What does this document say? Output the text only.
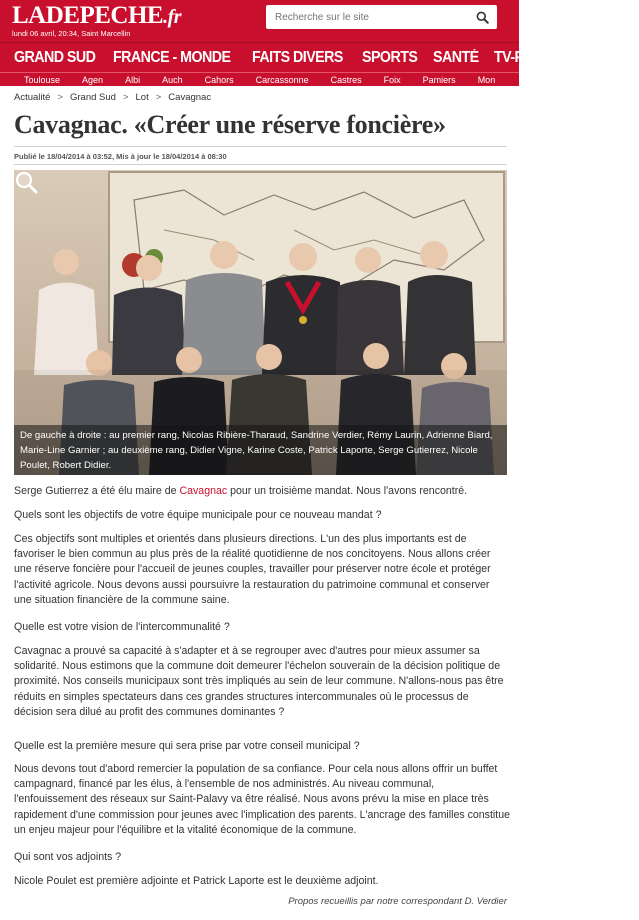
LADEPECHE.fr
lundi 06 avril, 20:34, Saint Marcellin
Recherche sur le site
GRAND SUD FRANCE - MONDE FAITS DIVERS SPORTS SANTÉ TV-PEOPLE LOISIRS
Toulouse Agen Albi Auch Cahors Carcassonne Castres Foix Pamiers Mon
Actualité > Grand Sud > Lot > Cavagnac
Cavagnac. «Créer une réserve foncière»
Publié le 18/04/2014 à 03:52, Mis à jour le 18/04/2014 à 08:30
De gauche à droite : au premier rang, Nicolas Ribière-Tharaud, Sandrine Verdier, Rémy Laurin, Adrienne Biard, Marie-Line Garnier ; au deuxième rang, Didier Vigne, Karine Coste, Patrick Laporte, Serge Gutierrez, Nicole Poulet, Robert Didier.

Serge Gutierrez a été élu maire de Cavagnac pour un troisième mandat. Nous l'avons rencontré.

Quels sont les objectifs de votre équipe municipale pour ce nouveau mandat ?

Ces objectifs sont multiples et orientés dans plusieurs directions. L'un des plus importants est de favoriser le bien commun au plus près de la réalité quotidienne de nos concitoyens. Nous allons créer une réserve foncière pour l'accueil de jeunes couples, travailler pour préserver notre école et protéger l'activité agricole. Nous devons aussi poursuivre la restauration du patrimoine communal et conserver une situation financière de la commune saine.

Quelle est votre vision de l'intercommunalité ?

Cavagnac a prouvé sa capacité à s'adapter et à se regrouper avec d'autres pour mieux assumer sa solidarité. Nous estimons que la commune doit demeurer l'échelon souverain de la décision politique de proximité. Nos conseils municipaux sont très impliqués au sein de leur commune. N'allons-nous pas être réduits en simples spectateurs dans ces grandes structures intercommunales où le processus de décision sera dilué au profit des communes dominantes ?

Quelle est la première mesure qui sera prise par votre conseil municipal ?

Nous devons tout d'abord remercier la population de sa confiance. Pour cela nous allons offrir un buffet campagnard, financé par les élus, à l'ensemble de nos administrés. Au niveau communal, l'enfouissement des réseaux sur Saint-Palavy va être réalisé. Nous avons prévu la mise en place très rapidement d'une commission pour jeunes avec l'implication des parents. L'ancrage des familles constitue un enjeu majeur pour l'équilibre et la vitalité économique de la commune.

Qui sont vos adjoints ?

Nicole Poulet est première adjointe et Patrick Laporte est le deuxième adjoint.

Propos recueillis par notre correspondant D. Verdier
